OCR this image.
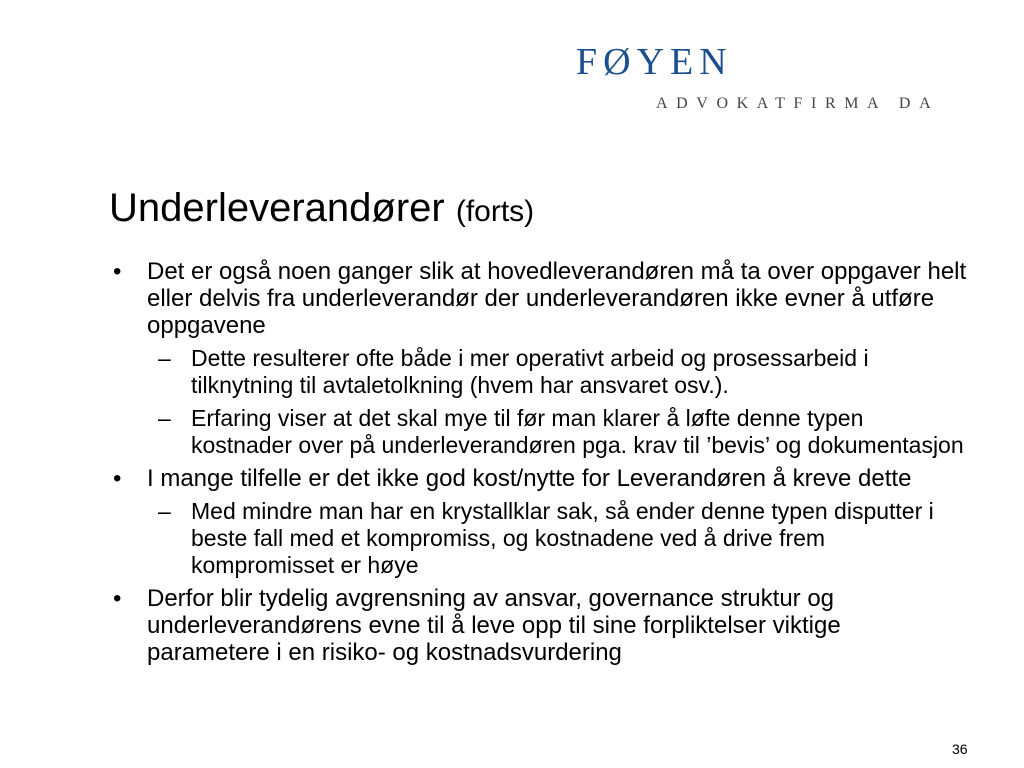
FØYEN
ADVOKATFIRMA DA
Underleverandører (forts)
• Det er også noen ganger slik at hovedleverandøren må ta over oppgaver helt eller delvis fra underleverandør der underleverandøren ikke evner å utføre oppgavene
– Dette resulterer ofte både i mer operativt arbeid og prosessarbeid i tilknytning til avtaletolkning (hvem har ansvaret osv.).
– Erfaring viser at det skal mye til før man klarer å løfte denne typen kostnader over på underleverandøren pga. krav til ’bevis’ og dokumentasjon
• I mange tilfelle er det ikke god kost/nytte for Leverandøren å kreve dette
– Med mindre man har en krystallklar sak, så ender denne typen disputter i beste fall med et kompromiss, og kostnadene ved å drive frem kompromisset er høye
• Derfor blir tydelig avgrensning av ansvar, governance struktur og underleverandørens evne til å leve opp til sine forpliktelser viktige parametere i en risiko- og kostnadsvurdering
36
